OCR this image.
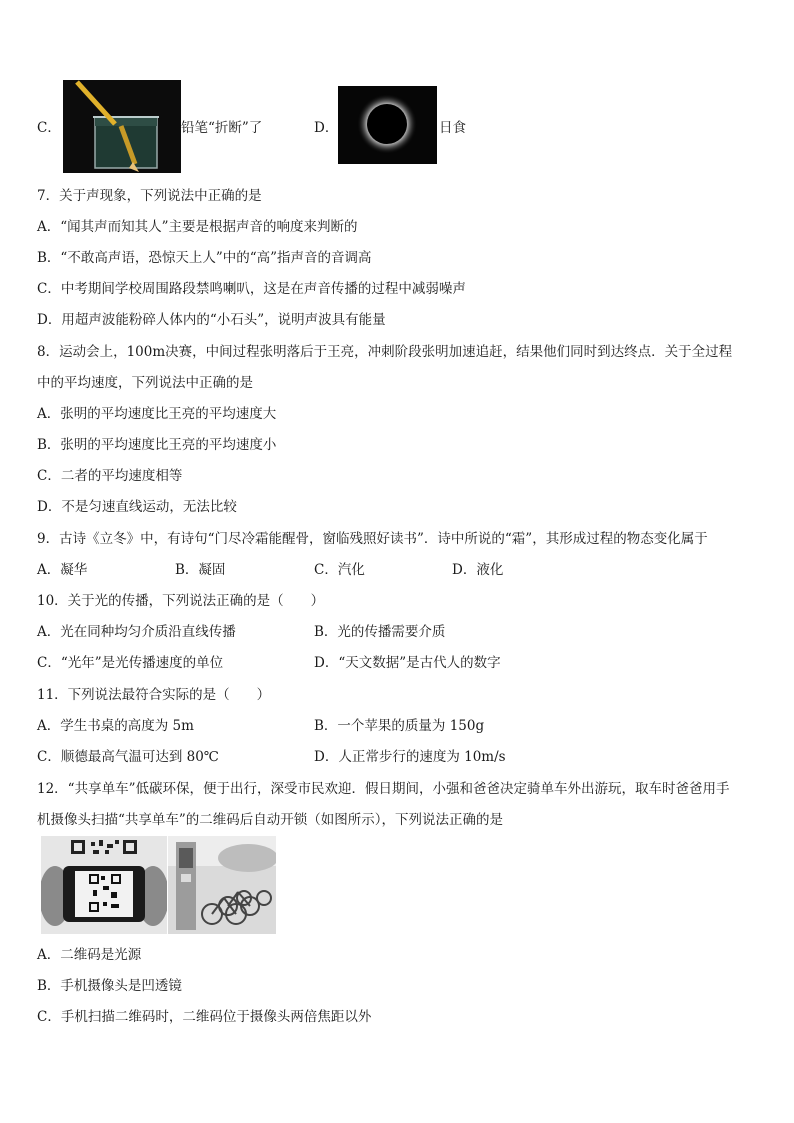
C．	铅笔“折断”了	D．	日食
7．关于声现象，下列说法中正确的是
A．“闻其声而知其人”主要是根据声音的响度来判断的
B．“不敢高声语，恐惊天上人”中的“高”指声音的音调高
C．中考期间学校周围路段禁鸣喇叭，这是在声音传播的过程中减弱噪声
D．用超声波能粉碎人体内的“小石头”，说明声波具有能量
8．运动会上，100m决赛，中间过程张明落后于王亮，冲刺阶段张明加速追赶，结果他们同时到达终点．关于全过程
中的平均速度，下列说法中正确的是
A．张明的平均速度比王亮的平均速度大
B．张明的平均速度比王亮的平均速度小
C．二者的平均速度相等
D．不是匀速直线运动，无法比较
9．古诗《立冬》中，有诗句“门尽冷霜能醒骨，窗临残照好读书”．诗中所说的“霜”，其形成过程的物态变化属于
A．凝华	B．凝固	C．汽化	D．液化
10．关于光的传播，下列说法正确的是（　　）
A．光在同种均匀介质沿直线传播	B．光的传播需要介质
C．“光年”是光传播速度的单位	D．“天文数据”是古代人的数字
11．下列说法最符合实际的是（　　）
A．学生书桌的高度为 5m	B．一个苹果的质量为 150g
C．顺德最高气温可达到 80℃	D．人正常步行的速度为 10m/s
12．“共享单车”低碳环保，便于出行，深受市民欢迎．假日期间，小强和爸爸决定骑单车外出游玩，取车时爸爸用手
机摄像头扫描“共享单车”的二维码后自动开锁（如图所示），下列说法正确的是
A．二维码是光源
B．手机摄像头是凹透镜
C．手机扫描二维码时，二维码位于摄像头两倍焦距以外
